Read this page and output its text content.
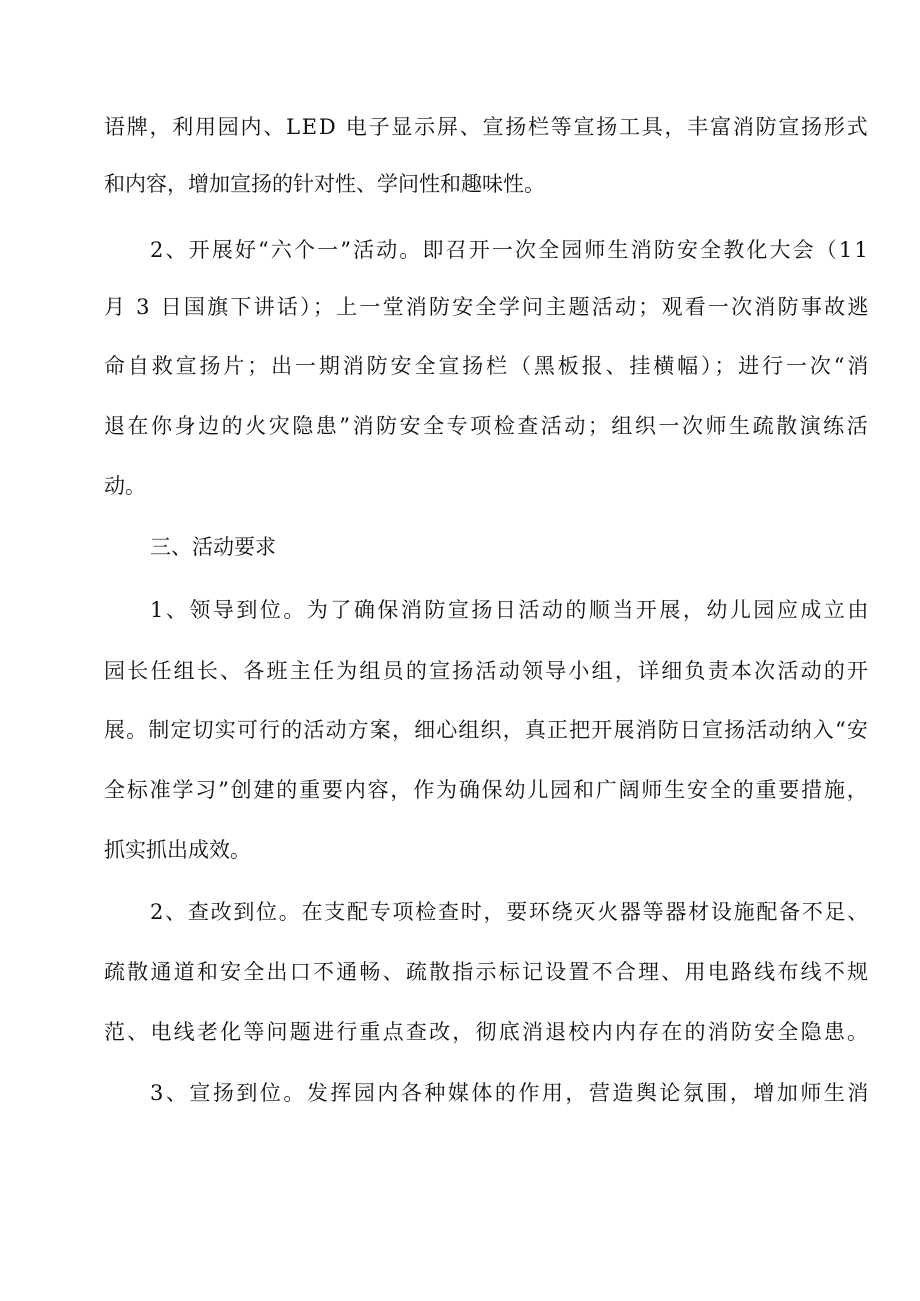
语牌，利用园内、LED 电子显示屏、宣扬栏等宣扬工具，丰富消防宣扬形式
和内容，增加宣扬的针对性、学问性和趣味性。
2、开展好“六个一”活动。即召开一次全园师生消防安全教化大会（11
月 3 日国旗下讲话）；上一堂消防安全学问主题活动；观看一次消防事故逃
命自救宣扬片；出一期消防安全宣扬栏（黑板报、挂横幅）；进行一次“消
退在你身边的火灾隐患”消防安全专项检查活动；组织一次师生疏散演练活
动。
三、活动要求
1、领导到位。为了确保消防宣扬日活动的顺当开展，幼儿园应成立由
园长任组长、各班主任为组员的宣扬活动领导小组，详细负责本次活动的开
展。制定切实可行的活动方案，细心组织，真正把开展消防日宣扬活动纳入“安
全标准学习”创建的重要内容，作为确保幼儿园和广阔师生安全的重要措施，
抓实抓出成效。
2、查改到位。在支配专项检查时，要环绕灭火器等器材设施配备不足、
疏散通道和安全出口不通畅、疏散指示标记设置不合理、用电路线布线不规
范、电线老化等问题进行重点查改，彻底消退校内内存在的消防安全隐患。
3、宣扬到位。发挥园内各种媒体的作用，营造舆论氛围，增加师生消
